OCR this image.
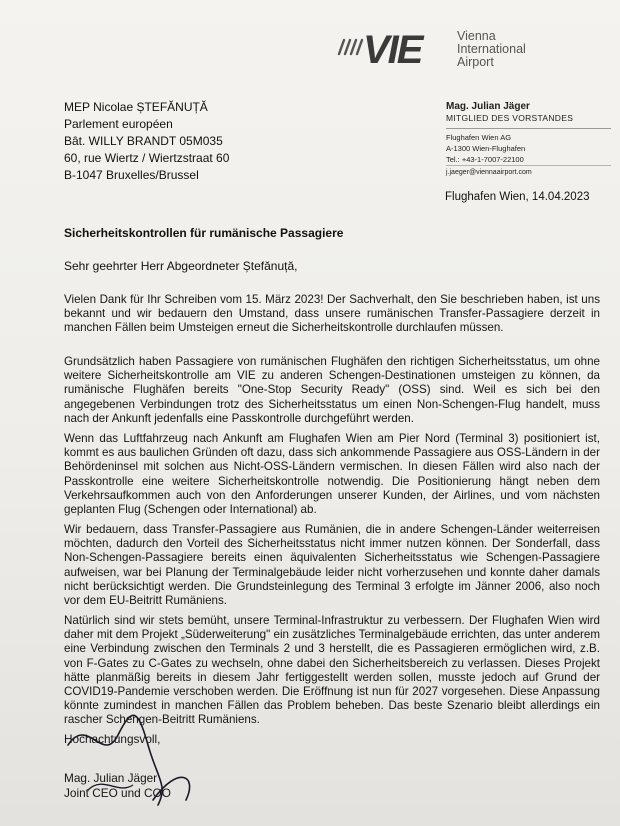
VIE	Vienna
International
Airport
MEP Nicolae ȘTEFĂNUȚĂ
Parlement européen
Bât. WILLY BRANDT 05M035
60, rue Wiertz / Wiertzstraat 60
B-1047 Bruxelles/Brussel
Mag. Julian Jäger
MITGLIED DES VORSTANDES
Flughafen Wien AG
A-1300 Wien-Flughafen
Tel.: +43-1-7007-22100
j.jaeger@viennaairport.com
Flughafen Wien, 14.04.2023
Sicherheitskontrollen für rumänische Passagiere
Sehr geehrter Herr Abgeordneter Ștefănuță,
Vielen Dank für Ihr Schreiben vom 15. März 2023! Der Sachverhalt, den Sie beschrieben haben, ist uns bekannt und wir bedauern den Umstand, dass unsere rumänischen Transfer-Passagiere derzeit in manchen Fällen beim Umsteigen erneut die Sicherheitskontrolle durchlaufen müssen.
Grundsätzlich haben Passagiere von rumänischen Flughäfen den richtigen Sicherheitsstatus, um ohne weitere Sicherheitskontrolle am VIE zu anderen Schengen-Destinationen umsteigen zu können, da rumänische Flughäfen bereits "One-Stop Security Ready" (OSS) sind. Weil es sich bei den angegebenen Verbindungen trotz des Sicherheitsstatus um einen Non-Schengen-Flug handelt, muss nach der Ankunft jedenfalls eine Passkontrolle durchgeführt werden.
Wenn das Luftfahrzeug nach Ankunft am Flughafen Wien am Pier Nord (Terminal 3) positioniert ist, kommt es aus baulichen Gründen oft dazu, dass sich ankommende Passagiere aus OSS-Ländern in der Behördeninsel mit solchen aus Nicht-OSS-Ländern vermischen. In diesen Fällen wird also nach der Passkontrolle eine weitere Sicherheitskontrolle notwendig. Die Positionierung hängt neben dem Verkehrsaufkommen auch von den Anforderungen unserer Kunden, der Airlines, und vom nächsten geplanten Flug (Schengen oder International) ab.
Wir bedauern, dass Transfer-Passagiere aus Rumänien, die in andere Schengen-Länder weiterreisen möchten, dadurch den Vorteil des Sicherheitsstatus nicht immer nutzen können. Der Sonderfall, dass Non-Schengen-Passagiere bereits einen äquivalenten Sicherheitsstatus wie Schengen-Passagiere aufweisen, war bei Planung der Terminalgebäude leider nicht vorherzusehen und konnte daher damals nicht berücksichtigt werden. Die Grundsteinlegung des Terminal 3 erfolgte im Jänner 2006, also noch vor dem EU-Beitritt Rumäniens.
Natürlich sind wir stets bemüht, unsere Terminal-Infrastruktur zu verbessern. Der Flughafen Wien wird daher mit dem Projekt „Süderweiterung" ein zusätzliches Terminalgebäude errichten, das unter anderem eine Verbindung zwischen den Terminals 2 und 3 herstellt, die es Passagieren ermöglichen wird, z.B. von F-Gates zu C-Gates zu wechseln, ohne dabei den Sicherheitsbereich zu verlassen. Dieses Projekt hätte planmäßig bereits in diesem Jahr fertiggestellt werden sollen, musste jedoch auf Grund der COVID19-Pandemie verschoben werden. Die Eröffnung ist nun für 2027 vorgesehen. Diese Anpassung könnte zumindest in manchen Fällen das Problem beheben. Das beste Szenario bleibt allerdings ein rascher Schengen-Beitritt Rumäniens.
Hochachtungsvoll,
Mag. Julian Jäger
Joint CEO und COO
